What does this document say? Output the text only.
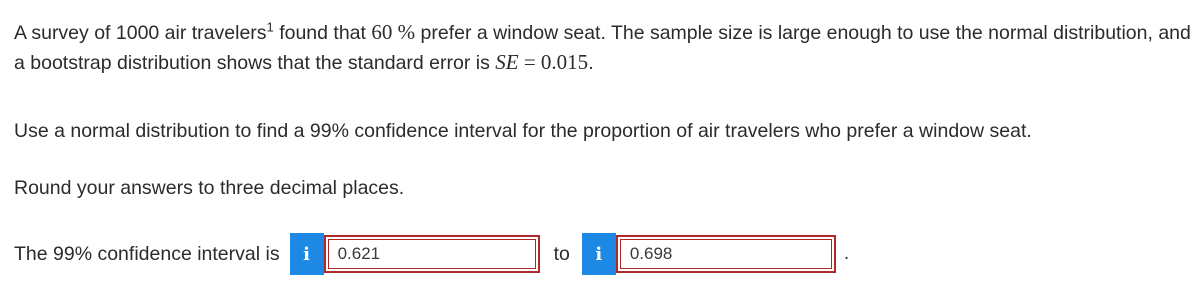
A survey of 1000 air travelers$^1$ found that 60 % prefer a window seat. The sample size is large enough to use the normal distribution, and a bootstrap distribution shows that the standard error is SE = 0.015.

Use a normal distribution to find a 99% confidence interval for the proportion of air travelers who prefer a window seat.

Round your answers to three decimal places.

The 99% confidence interval is	i	0.621	to	i	0.698	.
